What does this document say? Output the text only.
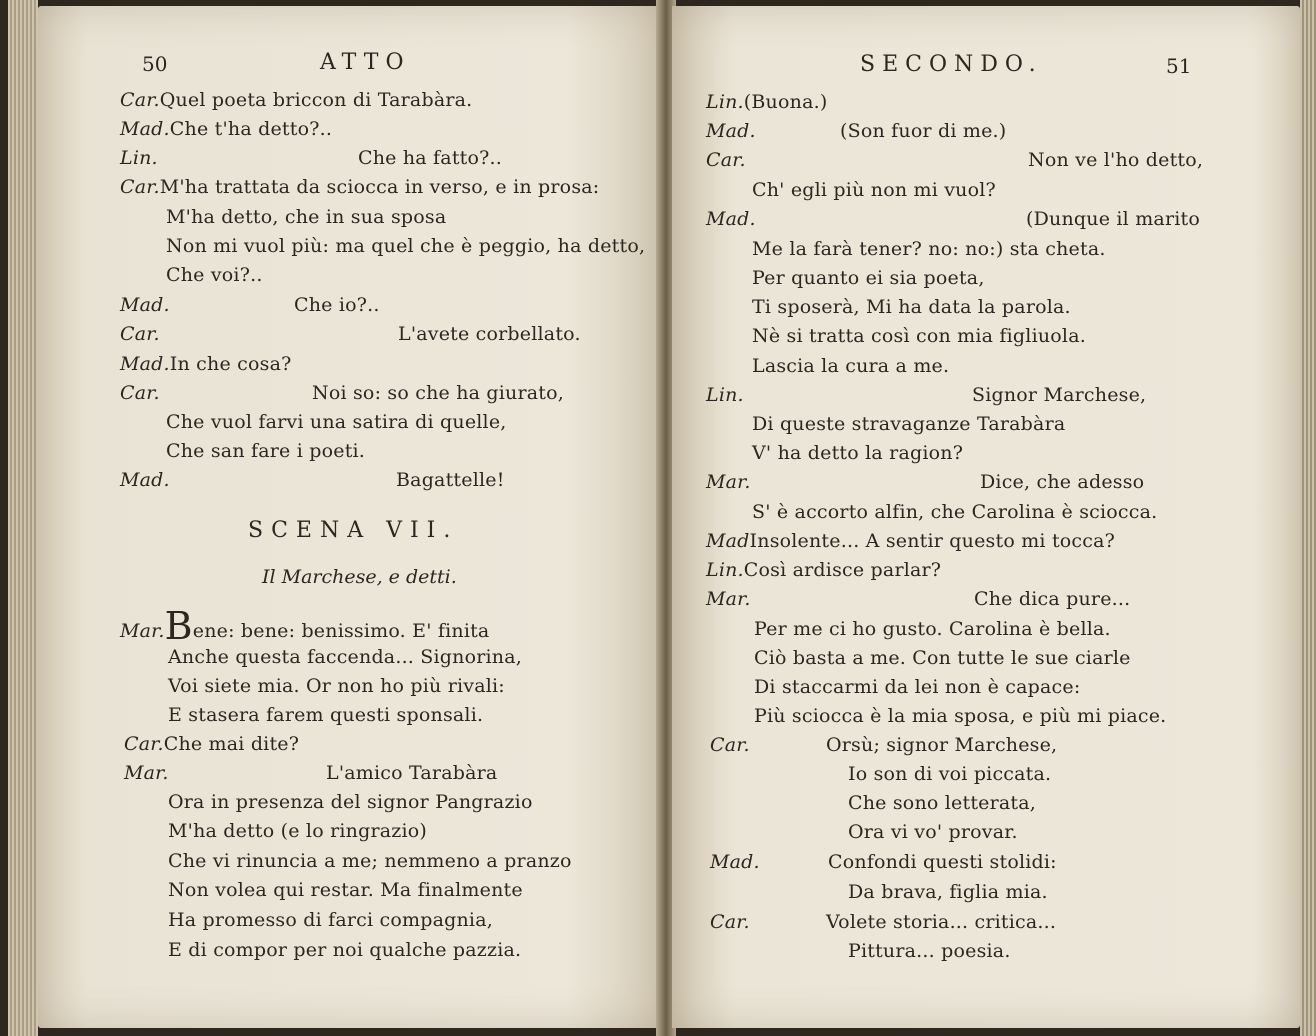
50	ATTO
Car.Quel poeta briccon di Tarabàra.
Mad.Che t'ha detto?..
Lin.	Che ha fatto?..
Car.M'ha trattata da sciocca in verso, e in prosa:
M'ha detto, che in sua sposa
Non mi vuol più: ma quel che è peggio, ha detto,
Che voi?..
Mad.	Che io?..
Car.	L'avete corbellato.
Mad.In che cosa?
Car.	Noi so: so che ha giurato,
Che vuol farvi una satira di quelle,
Che san fare i poeti.
Mad.	Bagattelle!
SCENA VII.
Il Marchese, e detti.
Mar.Bene: bene: benissimo. E' finita
Anche questa faccenda... Signorina,
Voi siete mia. Or non ho più rivali:
E stasera farem questi sponsali.
Car.Che mai dite?
Mar.	L'amico Tarabàra
Ora in presenza del signor Pangrazio
M'ha detto (e lo ringrazio)
Che vi rinuncia a me; nemmeno a pranzo
Non volea qui restar. Ma finalmente
Ha promesso di farci compagnia,
E di compor per noi qualche pazzia.
SECONDO.	51
Lin.(Buona.)
Mad.	(Son fuor di me.)
Car.	Non ve l'ho detto,
Ch' egli più non mi vuol?
Mad.	(Dunque il marito
Me la farà tener? no: no:) sta cheta.
Per quanto ei sia poeta,
Ti sposerà, Mi ha data la parola.
Nè si tratta così con mia figliuola.
Lascia la cura a me.
Lin.	Signor Marchese,
Di queste stravaganze Tarabàra
V' ha detto la ragion?
Mar.	Dice, che adesso
S' è accorto alfin, che Carolina è sciocca.
MadInsolente... A sentir questo mi tocca?
Lin.Così ardisce parlar?
Mar.	Che dica pure...
Per me ci ho gusto. Carolina è bella.
Ciò basta a me. Con tutte le sue ciarle
Di staccarmi da lei non è capace:
Più sciocca è la mia sposa, e più mi piace.
Car.	Orsù; signor Marchese,
Io son di voi piccata.
Che sono letterata,
Ora vi vo' provar.
Mad.	Confondi questi stolidi:
Da brava, figlia mia.
Car.	Volete storia... critica...
Pittura... poesia.
